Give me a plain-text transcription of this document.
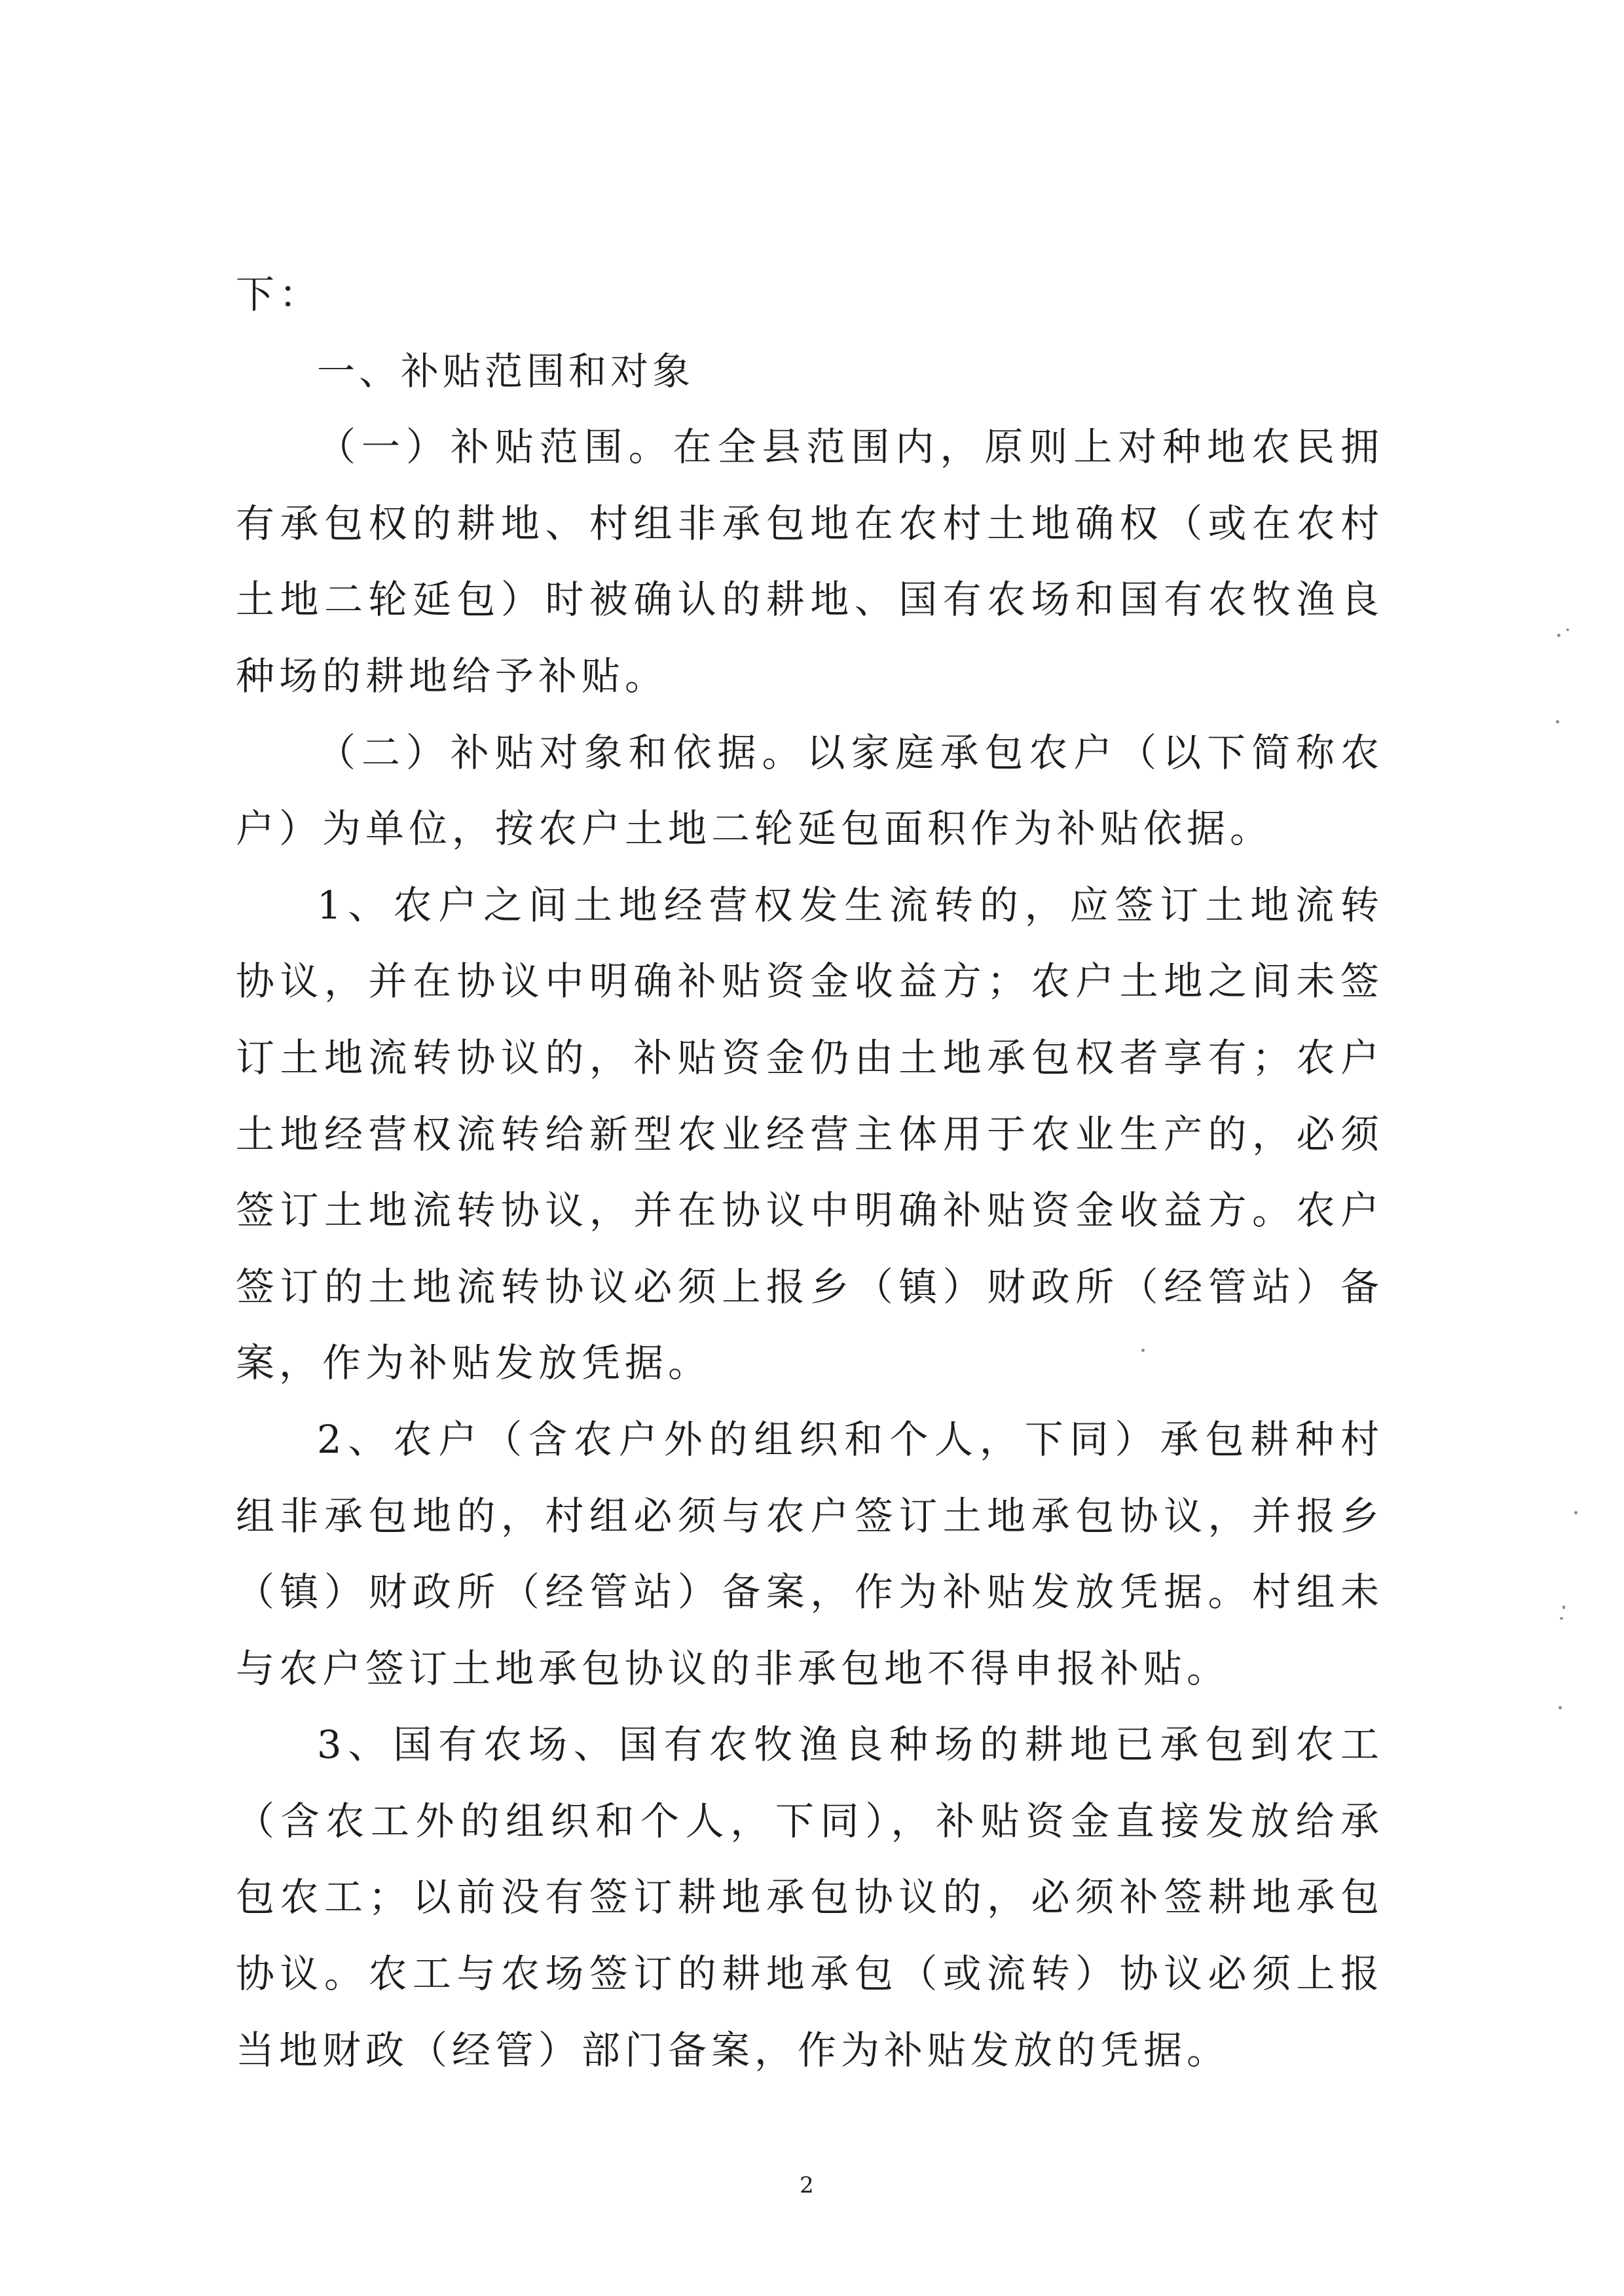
下：
一、补贴范围和对象
（一）补贴范围。在全县范围内，原则上对种地农民拥
有承包权的耕地、村组非承包地在农村土地确权（或在农村
土地二轮延包）时被确认的耕地、国有农场和国有农牧渔良
种场的耕地给予补贴。
（二）补贴对象和依据。以家庭承包农户（以下简称农
户）为单位，按农户土地二轮延包面积作为补贴依据。
1、农户之间土地经营权发生流转的，应签订土地流转
协议，并在协议中明确补贴资金收益方；农户土地之间未签
订土地流转协议的，补贴资金仍由土地承包权者享有；农户
土地经营权流转给新型农业经营主体用于农业生产的，必须
签订土地流转协议，并在协议中明确补贴资金收益方。农户
签订的土地流转协议必须上报乡（镇）财政所（经管站）备
案，作为补贴发放凭据。
2、农户（含农户外的组织和个人，下同）承包耕种村
组非承包地的，村组必须与农户签订土地承包协议，并报乡
（镇）财政所（经管站）备案，作为补贴发放凭据。村组未
与农户签订土地承包协议的非承包地不得申报补贴。
3、国有农场、国有农牧渔良种场的耕地已承包到农工
（含农工外的组织和个人，下同），补贴资金直接发放给承
包农工；以前没有签订耕地承包协议的，必须补签耕地承包
协议。农工与农场签订的耕地承包（或流转）协议必须上报
当地财政（经管）部门备案，作为补贴发放的凭据。
2
